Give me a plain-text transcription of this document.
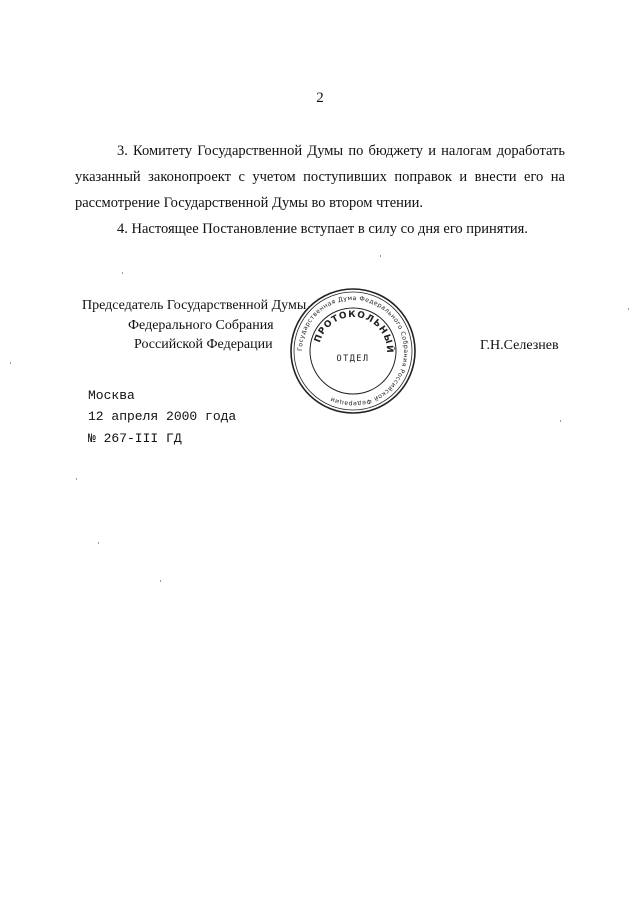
2
3. Комитету Государственной Думы по бюджету и налогам доработать указанный законопроект с учетом поступивших поправок и внести его на рассмотрение Государственной Думы во втором чтении.
4. Настоящее Постановление вступает в силу со дня его принятия.
Председатель Государственной Думы
Федерального Собрания
Российской Федерации	Г.Н.Селезнев
Государственная Дума Федерального Собрания Российской Федерации
ПРОТОКОЛЬНЫЙ
ОТДЕЛ
Москва
12 апреля 2000 года
№ 267-III ГД
